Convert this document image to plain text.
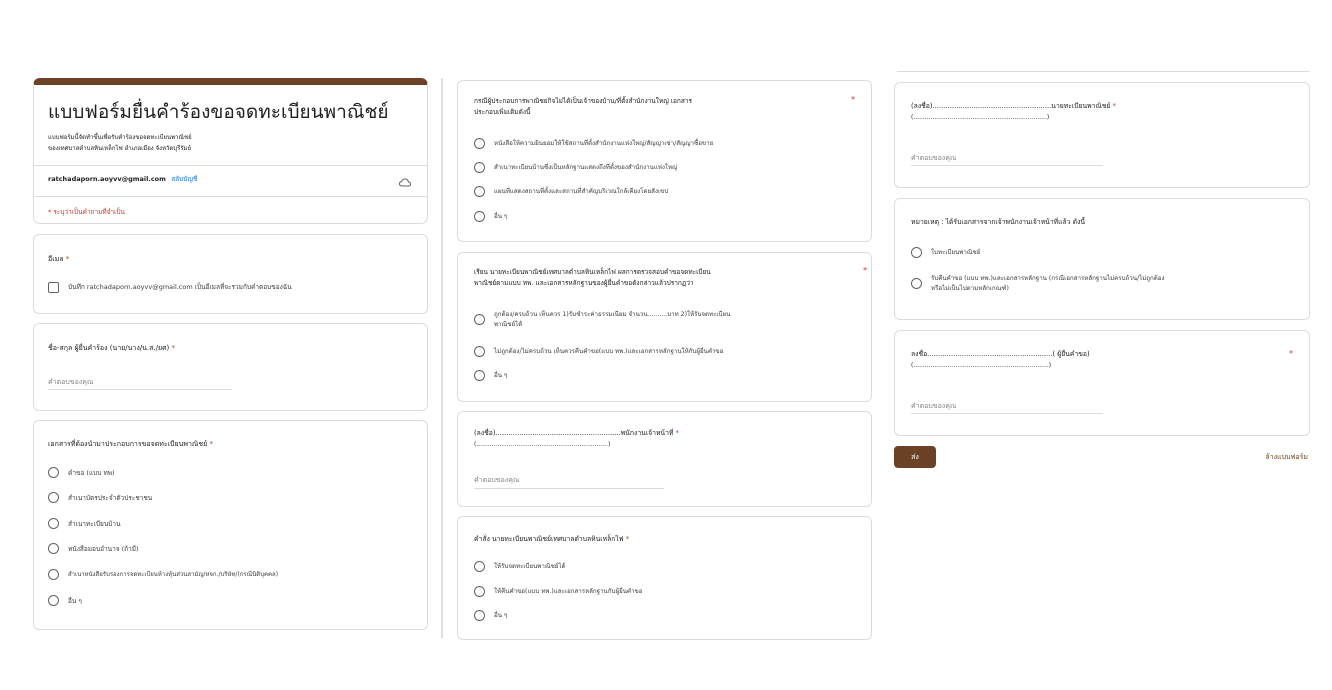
แบบฟอร์มยื่นคำร้องขอจดทะเบียนพาณิชย์
แบบฟอร์มนี้จัดทำขึ้นเพื่อรับคำร้องขอจดทะเบียนพาณิชย์
ของเทศบาลตำบลหินเหล็กไฟ อำเภอเมือง จังหวัดบุรีรัมย์
ratchadaporn.aoyvv@gmail.com สลับบัญชี
* ระบุว่าเป็นคำถามที่จำเป็น
อีเมล *
บันทึก ratchadaporn.aoyvv@gmail.com เป็นอีเมลที่จะรวมกับคำตอบของฉัน
ชื่อ-สกุล ผู้ยื่นคำร้อง (นาย/นาง/น.ส./ยศ) *
คำตอบของคุณ
เอกสารที่ต้องนำมาประกอบการขอจดทะเบียนพาณิชย์ *
คำขอ (แบบ ทพ)
สำเนาบัตรประจำตัวประชาชน
สำเนาทะเบียนบ้าน
หนังสือมอบอำนาจ (ถ้ามี)
สำเนาหนังสือรับรองการจดทะเบียนห้างหุ้นส่วนสามัญ/หจก./บริษัท/(กรณีนิติบุคคล)
อื่น ๆ
กรณีผู้ประกอบการพาณิชยกิจไม่ได้เป็นเจ้าของบ้าน/ที่ตั้งสำนักงานใหญ่ เอกสาร
ประกอบเพิ่มเติมดังนี้
*
หนังสือให้ความยินยอมให้ใช้สถานที่ตั้งสำนักงานแห่งใหญ่/สัญญาเช่า/สัญญาซื้อขาย
สำเนาทะเบียนบ้านซึ่งเป็นหลักฐานแสดงถึงที่ตั้งของสำนักงานแห่งใหญ่
แผนที่แสดงสถานที่ตั้งและสถานที่สำคัญบริเวณใกล้เคียงโดยสังเขป
อื่น ๆ
เรียน นายทะเบียนพาณิชย์เทศบาลตำบลหินเหล็กไฟ ผลการตรวจสอบคำขอจดทะเบียน
พาณิชย์ตามแบบ ทพ. และเอกสารหลักฐานของผู้ยื่นคำขอดังกล่าวแล้วปรากฏว่า
*
ถูกต้อง/ครบถ้วน เห็นควร 1)รับชำระค่าธรรมเนียม จำนวน..........บาท 2)ให้รับจดทะเบียน
พาณิชย์ได้
ไม่ถูกต้อง/ไม่ครบถ้วน เห็นควรคืนคำขอ(แบบ ทพ.)และเอกสารหลักฐานให้กับผู้ยื่นคำขอ
อื่น ๆ
(ลงชื่อ)..........................................................พนักงานเจ้าหน้าที่ *
(.....................................................................)
คำตอบของคุณ
คำสั่ง นายทะเบียนพาณิชย์เทศบาลตำบลหินเหล็กไฟ *
ให้รับจดทะเบียนพาณิชย์ได้
ให้คืนคำขอ(แบบ ทพ.)และเอกสารหลักฐานกับผู้ยื่นคำขอ
อื่น ๆ
(ลงชื่อ).......................................................นายทะเบียนพาณิชย์ *
(......................................................................)
คำตอบของคุณ
หมายเหตุ : ได้รับเอกสารจากเจ้าพนักงานเจ้าหน้าที่แล้ว ดังนี้
ใบทะเบียนพาณิชย์
รับคืนคำขอ (แบบ ทพ.)และเอกสารหลักฐาน (กรณีเอกสารหลักฐานไม่ครบถ้วน/ไม่ถูกต้อง
หรือไม่เป็นไปตามหลักเกณฑ์)
ลงชื่อ..........................................................( ผู้ยื่นคำขอ)
(.......................................................................)
*
คำตอบของคุณ
ส่ง	ล้างแบบฟอร์ม
